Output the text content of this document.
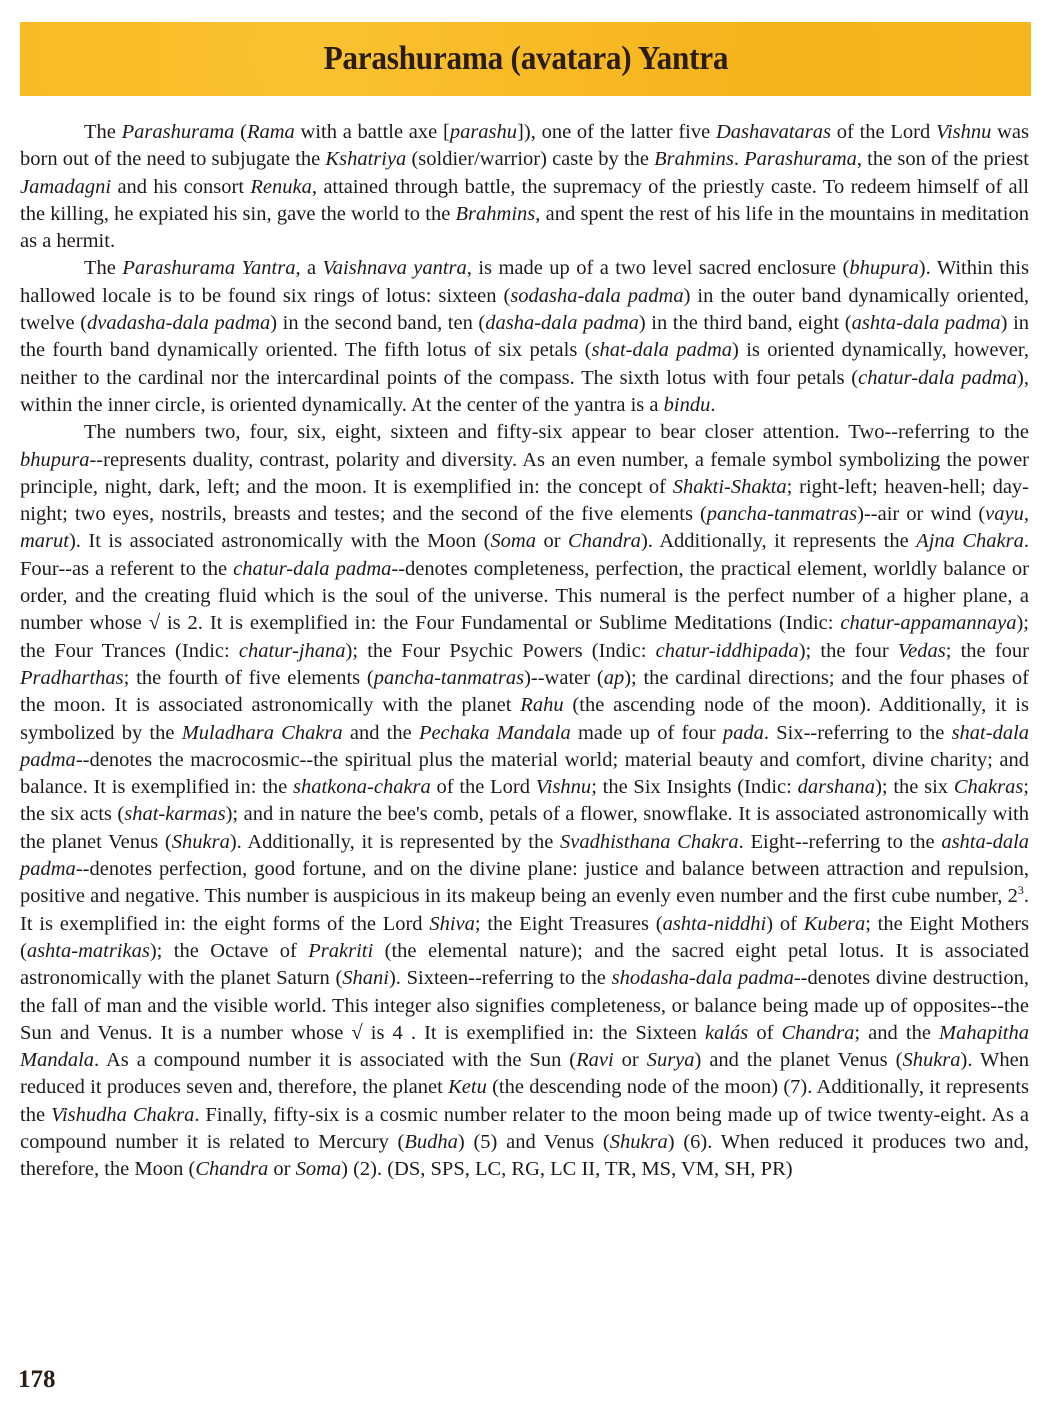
Parashurama (avatara) Yantra

The Parashurama (Rama with a battle axe [parashu]), one of the latter five Dashavataras of the Lord Vishnu was born out of the need to subjugate the Kshatriya (soldier/warrior) caste by the Brahmins. Parashurama, the son of the priest Jamadagni and his consort Renuka, attained through battle, the supremacy of the priestly caste. To redeem himself of all the killing, he expiated his sin, gave the world to the Brahmins, and spent the rest of his life in the mountains in meditation as a hermit.

The Parashurama Yantra, a Vaishnava yantra, is made up of a two level sacred enclosure (bhupura). Within this hallowed locale is to be found six rings of lotus: sixteen (sodasha-dala padma) in the outer band dynamically oriented, twelve (dvadasha-dala padma) in the second band, ten (dasha-dala padma) in the third band, eight (ashta-dala padma) in the fourth band dynamically oriented. The fifth lotus of six petals (shat-dala padma) is oriented dynamically, however, neither to the cardinal nor the intercardinal points of the compass. The sixth lotus with four petals (chatur-dala padma), within the inner circle, is oriented dynamically. At the center of the yantra is a bindu.

The numbers two, four, six, eight, sixteen and fifty-six appear to bear closer attention. Two--referring to the bhupura--represents duality, contrast, polarity and diversity. As an even number, a female symbol symbolizing the power principle, night, dark, left; and the moon. It is exemplified in: the concept of Shakti-Shakta; right-left; heaven-hell; day-night; two eyes, nostrils, breasts and testes; and the second of the five elements (pancha-tanmatras)--air or wind (vayu, marut). It is associated astronomically with the Moon (Soma or Chandra). Additionally, it represents the Ajna Chakra. Four--as a referent to the chatur-dala padma--denotes completeness, perfection, the practical element, worldly balance or order, and the creating fluid which is the soul of the universe. This numeral is the perfect number of a higher plane, a number whose √ is 2. It is exemplified in: the Four Fundamental or Sublime Meditations (Indic: chatur-appamannaya); the Four Trances (Indic: chatur-jhana); the Four Psychic Powers (Indic: chatur-iddhipada); the four Vedas; the four Pradharthas; the fourth of five elements (pancha-tanmatras)--water (ap); the cardinal directions; and the four phases of the moon. It is associated astronomically with the planet Rahu (the ascending node of the moon). Additionally, it is symbolized by the Muladhara Chakra and the Pechaka Mandala made up of four pada. Six--referring to the shat-dala padma--denotes the macrocosmic--the spiritual plus the material world; material beauty and comfort, divine charity; and balance. It is exemplified in: the shatkona-chakra of the Lord Vishnu; the Six Insights (Indic: darshana); the six Chakras; the six acts (shat-karmas); and in nature the bee's comb, petals of a flower, snowflake. It is associated astronomically with the planet Venus (Shukra). Additionally, it is represented by the Svadhisthana Chakra. Eight--referring to the ashta-dala padma--denotes perfection, good fortune, and on the divine plane: justice and balance between attraction and repulsion, positive and negative. This number is auspicious in its makeup being an evenly even number and the first cube number, $2^3$. It is exemplified in: the eight forms of the Lord Shiva; the Eight Treasures (ashta-niddhi) of Kubera; the Eight Mothers (ashta-matrikas); the Octave of Prakriti (the elemental nature); and the sacred eight petal lotus. It is associated astronomically with the planet Saturn (Shani). Sixteen--referring to the shodasha-dala padma--denotes divine destruction, the fall of man and the visible world. This integer also signifies completeness, or balance being made up of opposites--the Sun and Venus. It is a number whose √ is 4 . It is exemplified in: the Sixteen kalás of Chandra; and the Mahapitha Mandala. As a compound number it is associated with the Sun (Ravi or Surya) and the planet Venus (Shukra). When reduced it produces seven and, therefore, the planet Ketu (the descending node of the moon) (7). Additionally, it represents the Vishudha Chakra. Finally, fifty-six is a cosmic number relater to the moon being made up of twice twenty-eight. As a compound number it is related to Mercury (Budha) (5) and Venus (Shukra) (6). When reduced it produces two and, therefore, the Moon (Chandra or Soma) (2). (DS, SPS, LC, RG, LC II, TR, MS, VM, SH, PR)

178
